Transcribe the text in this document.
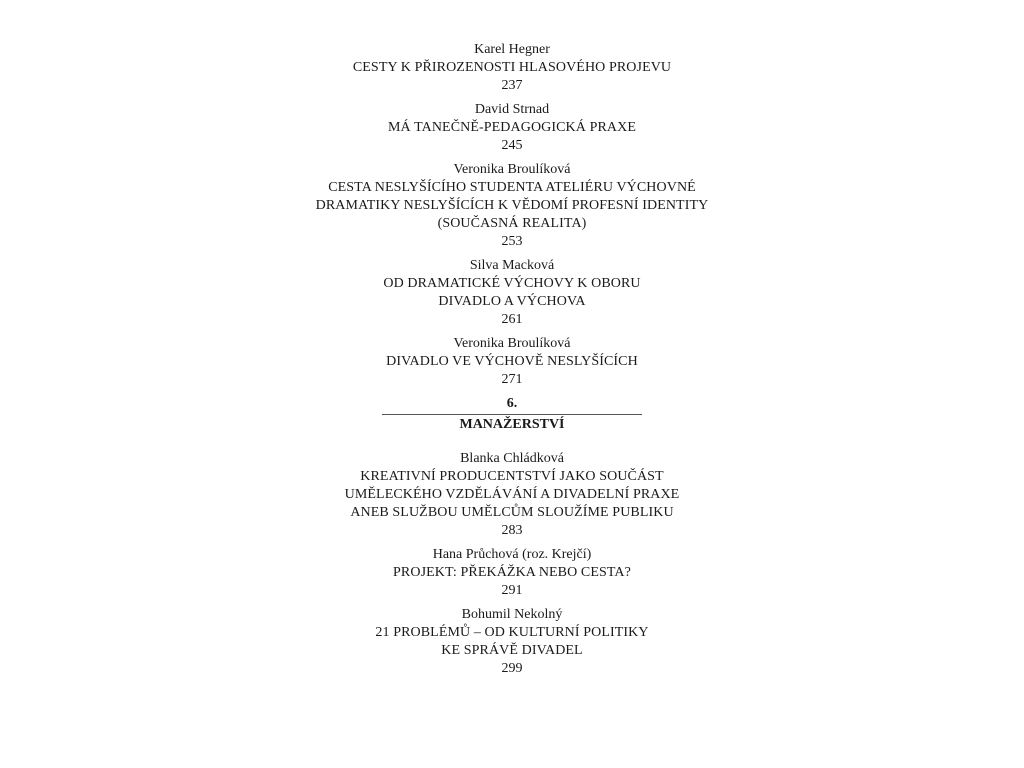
Karel Hegner
CESTY K PŘIROZENOSTI HLASOVÉHO PROJEVU
237
David Strnad
MÁ TANEČNĚ-PEDAGOGICKÁ PRAXE
245
Veronika Broulíková
CESTA NESLYŠÍCÍHO STUDENTA ATELIÉRU VÝCHOVNÉ
DRAMATIKY NESLYŠÍCÍCH K VĚDOMÍ PROFESNÍ IDENTITY
(SOUČASNÁ REALITA)
253
Silva Macková
OD DRAMATICKÉ VÝCHOVY K OBORU
DIVADLO A VÝCHOVA
261
Veronika Broulíková
DIVADLO VE VÝCHOVĚ NESLYŠÍCÍCH
271
6.
MANAŽERSTVÍ
Blanka Chládková
KREATIVNÍ PRODUCENTSTVÍ JAKO SOUČÁST
UMĚLECKÉHO VZDĚLÁVÁNÍ A DIVADELNÍ PRAXE
ANEB SLUŽBOU UMĚLCŮM SLOUŽÍME PUBLIKU
283
Hana Průchová (roz. Krejčí)
PROJEKT: PŘEKÁŽKA NEBO CESTA?
291
Bohumil Nekolný
21 PROBLÉMŮ – OD KULTURNÍ POLITIKY
KE SPRÁVĚ DIVADEL
299
